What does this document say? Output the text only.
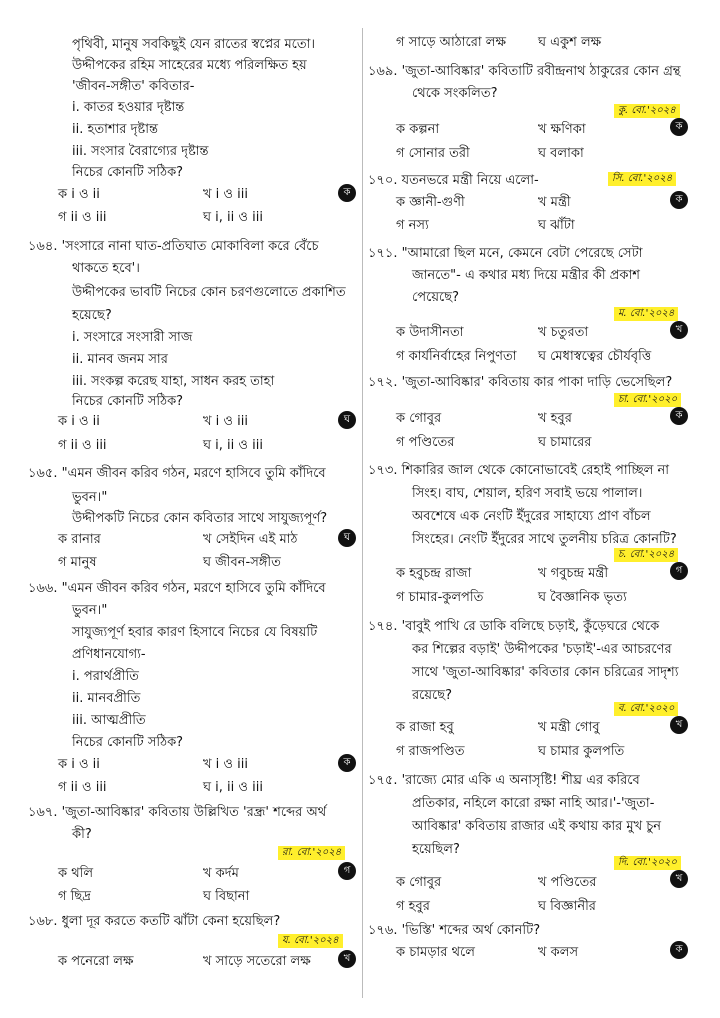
পৃথিবী, মানুষ সবকিছুই যেন রাতের স্বপ্নের মতো।
উদ্দীপকের রহিম সাহেরের মধ্যে পরিলক্ষিত হয়
'জীবন-সঙ্গীত' কবিতার-
i. কাতর হওয়ার দৃষ্টান্ত
ii. হতাশার দৃষ্টান্ত
iii. সংসার বৈরাগ্যের দৃষ্টান্ত
নিচের কোনটি সঠিক?
ক i ও ii	খ i ও iii	ক
গ ii ও iii	ঘ i, ii ও iii
১৬৪. 'সংসারে নানা ঘাত-প্রতিঘাত মোকাবিলা করে বেঁচে
থাকতে হবে'।
উদ্দীপকের ভাবটি নিচের কোন চরণগুলোতে প্রকাশিত
হয়েছে?
i. সংসারে সংসারী সাজ
ii. মানব জনম সার
iii. সংকল্প করেছ যাহা, সাধন করহ তাহা
নিচের কোনটি সঠিক?
ক i ও ii	খ i ও iii	ঘ
গ ii ও iii	ঘ i, ii ও iii
১৬৫. "এমন জীবন করিব গঠন, মরণে হাসিবে তুমি কাঁদিবে
ভুবন।"
উদ্দীপকটি নিচের কোন কবিতার সাথে সাযুজ্যপূর্ণ?
ক রানার	খ সেইদিন এই মাঠ	ঘ
গ মানুষ	ঘ জীবন-সঙ্গীত
১৬৬. "এমন জীবন করিব গঠন, মরণে হাসিবে তুমি কাঁদিবে
ভুবন।"
সাযুজ্যপূর্ণ হবার কারণ হিসাবে নিচের যে বিষয়টি
প্রণিধানযোগ্য-
i. পরার্থপ্রীতি
ii. মানবপ্রীতি
iii. আত্মপ্রীতি
নিচের কোনটি সঠিক?
ক i ও ii	খ i ও iii	ক
গ ii ও iii	ঘ i, ii ও iii
১৬৭. 'জুতা-আবিষ্কার' কবিতায় উল্লিখিত 'রন্ধ্র' শব্দের অর্থ
কী?
রা. বো.'২০২৪
ক থলি	খ কর্দম	গ
গ ছিদ্র	ঘ বিছানা
১৬৮. ধুলা দূর করতে কতটি ঝাঁটা কেনা হয়েছিল?
য. বো.'২০২৪
ক পনেরো লক্ষ	খ সাড়ে সতেরো লক্ষ	খ
গ সাড়ে আঠারো লক্ষ ঘ একুশ লক্ষ
১৬৯. 'জুতা-আবিষ্কার' কবিতাটি রবীন্দ্রনাথ ঠাকুরের কোন গ্রন্থ
থেকে সংকলিত?
কু. বো.'২০২৪
ক কল্পনা	খ ক্ষণিকা	ক
গ সোনার তরী	ঘ বলাকা
১৭০. যতনভরে মন্ত্রী নিয়ে এলো-	সি. বো.'২০২৪
ক জ্ঞানী-গুণী	খ মন্ত্রী	ক
গ নস্য	ঘ ঝাঁটা
১৭১. "আমারো ছিল মনে, কেমনে বেটা পেরেছে সেটা
জানতে"- এ কথার মধ্য দিয়ে মন্ত্রীর কী প্রকাশ
পেয়েছে?
ম. বো.'২০২৪
ক উদাসীনতা	খ চতুরতা	খ
গ কার্যনির্বাহের নিপুণতা ঘ মেধাস্বত্বের চৌর্যবৃত্তি
১৭২. 'জুতা-আবিষ্কার' কবিতায় কার পাকা দাড়ি ভেসেছিল?
চা. বো.'২০২০
ক গোবুর	খ হবুর	ক
গ পণ্ডিতের	ঘ চামারের
১৭৩. শিকারির জাল থেকে কোনোভাবেই রেহাই পাচ্ছিল না
সিংহ। বাঘ, শেয়াল, হরিণ সবাই ভয়ে পালাল।
অবশেষে এক নেংটি ইঁদুরের সাহায্যে প্রাণ বাঁচল
সিংহের। নেংটি ইঁদুরের সাথে তুলনীয় চরিত্র কোনটি?
চ. বো.'২০২৪
ক হবুচন্দ্র রাজা	খ গবুচন্দ্র মন্ত্রী	গ
গ চামার-কুলপতি	ঘ বৈজ্ঞানিক ভৃত্য
১৭৪. 'বাবুই পাখি রে ডাকি বলিছে চড়াই, কুঁড়েঘরে থেকে
কর শিল্পের বড়াই' উদ্দীপকের 'চড়াই'-এর আচরণের
সাথে 'জুতা-আবিষ্কার' কবিতার কোন চরিত্রের সাদৃশ্য
রয়েছে?
ব. বো.'২০২০
ক রাজা হবু	খ মন্ত্রী গোবু	খ
গ রাজপণ্ডিত	ঘ চামার কুলপতি
১৭৫. 'রাজ্যে মোর একি এ অনাসৃষ্টি! শীঘ্র এর করিবে
প্রতিকার, নহিলে কারো রক্ষা নাহি আর।'-'জুতা-
আবিষ্কার' কবিতায় রাজার এই কথায় কার মুখ চুন
হয়েছিল?
দি. বো.'২০২০
ক গোবুর	খ পণ্ডিতের	খ
গ হবুর	ঘ বিজ্ঞানীর
১৭৬. 'ভিস্তি' শব্দের অর্থ কোনটি?
ক চামড়ার থলে	খ কলস	ক
